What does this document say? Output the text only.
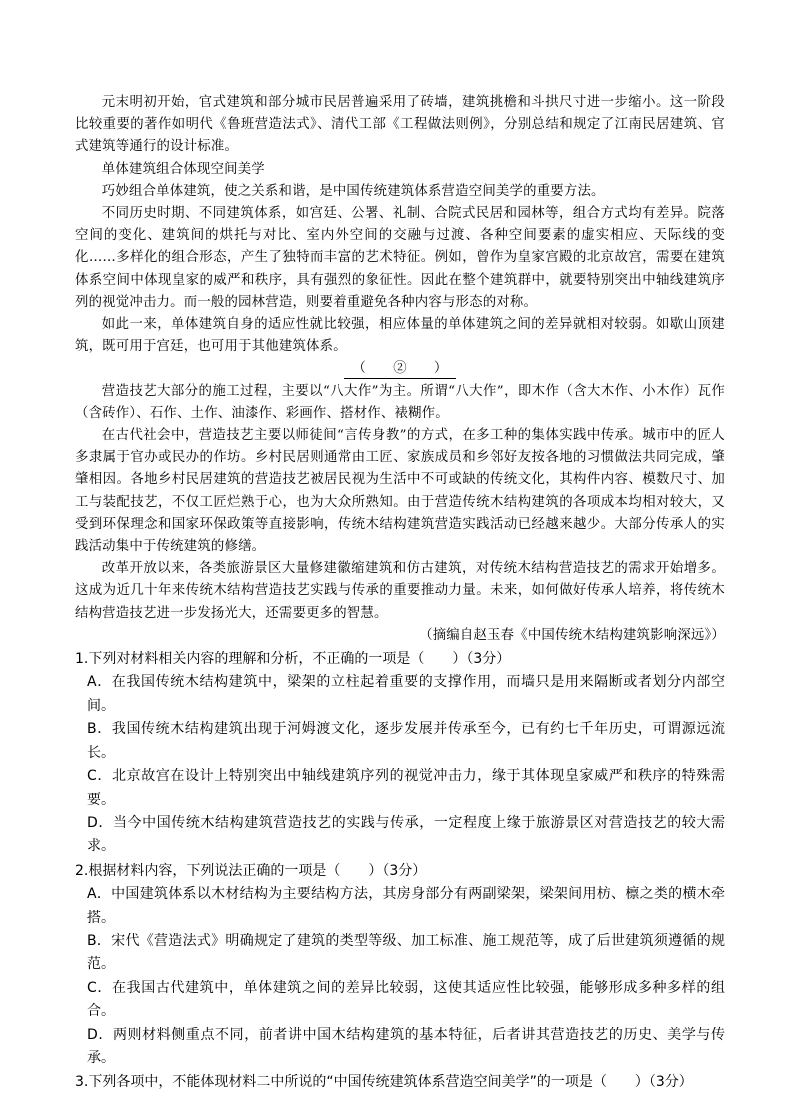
元末明初开始，官式建筑和部分城市民居普遍采用了砖墙，建筑挑檐和斗拱尺寸进一步缩小。这一阶段比较重要的著作如明代《鲁班营造法式》、清代工部《工程做法则例》，分别总结和规定了江南民居建筑、官式建筑等通行的设计标准。

单体建筑组合体现空间美学

巧妙组合单体建筑，使之关系和谐，是中国传统建筑体系营造空间美学的重要方法。

不同历史时期、不同建筑体系，如宫廷、公署、礼制、合院式民居和园林等，组合方式均有差异。院落空间的变化、建筑间的烘托与对比、室内外空间的交融与过渡、各种空间要素的虚实相应、天际线的变化……多样化的组合形态，产生了独特而丰富的艺术特征。例如，曾作为皇家宫殿的北京故宫，需要在建筑体系空间中体现皇家的威严和秩序，具有强烈的象征性。因此在整个建筑群中，就要特别突出中轴线建筑序列的视觉冲击力。而一般的园林营造，则要着重避免各种内容与形态的对称。

如此一来，单体建筑自身的适应性就比较强，相应体量的单体建筑之间的差异就相对较弱。如歇山顶建筑，既可用于宫廷，也可用于其他建筑体系。

（　　②　　）

营造技艺大部分的施工过程，主要以“八大作”为主。所谓“八大作”，即木作（含大木作、小木作）瓦作（含砖作）、石作、土作、油漆作、彩画作、搭材作、裱糊作。

在古代社会中，营造技艺主要以师徒间“言传身教”的方式，在多工种的集体实践中传承。城市中的匠人多隶属于官办或民办的作坊。乡村民居则通常由工匠、家族成员和乡邻好友按各地的习惯做法共同完成，肇肇相因。各地乡村民居建筑的营造技艺被居民视为生活中不可或缺的传统文化，其构件内容、模数尺寸、加工与装配技艺，不仅工匠烂熟于心，也为大众所熟知。由于营造传统木结构建筑的各项成本均相对较大，又受到环保理念和国家环保政策等直接影响，传统木结构建筑营造实践活动已经越来越少。大部分传承人的实践活动集中于传统建筑的修缮。

改革开放以来，各类旅游景区大量修建徽缩建筑和仿古建筑，对传统木结构营造技艺的需求开始增多。这成为近几十年来传统木结构营造技艺实践与传承的重要推动力量。未来，如何做好传承人培养，将传统木结构营造技艺进一步发扬光大，还需要更多的智慧。

（摘编自赵玉春《中国传统木结构建筑影响深远》）

1.下列对材料相关内容的理解和分析，不正确的一项是（　　）（3分）

A．在我国传统木结构建筑中，梁架的立柱起着重要的支撑作用，而墙只是用来隔断或者划分内部空间。

B．我国传统木结构建筑出现于河姆渡文化，逐步发展并传承至今，已有约七千年历史，可谓源远流长。

C．北京故宫在设计上特别突出中轴线建筑序列的视觉冲击力，缘于其体现皇家威严和秩序的特殊需要。

D．当今中国传统木结构建筑营造技艺的实践与传承，一定程度上缘于旅游景区对营造技艺的较大需求。

2.根据材料内容，下列说法正确的一项是（　　）（3分）

A．中国建筑体系以木材结构为主要结构方法，其房身部分有两副梁架，梁架间用枋、檩之类的横木牵搭。

B．宋代《营造法式》明确规定了建筑的类型等级、加工标准、施工规范等，成了后世建筑须遵循的规范。

C．在我国古代建筑中，单体建筑之间的差异比较弱，这使其适应性比较强，能够形成多种多样的组合。

D．两则材料侧重点不同，前者讲中国木结构建筑的基本特征，后者讲其营造技艺的历史、美学与传承。

3.下列各项中，不能体现材料二中所说的“中国传统建筑体系营造空间美学”的一项是（　　）（3分）
